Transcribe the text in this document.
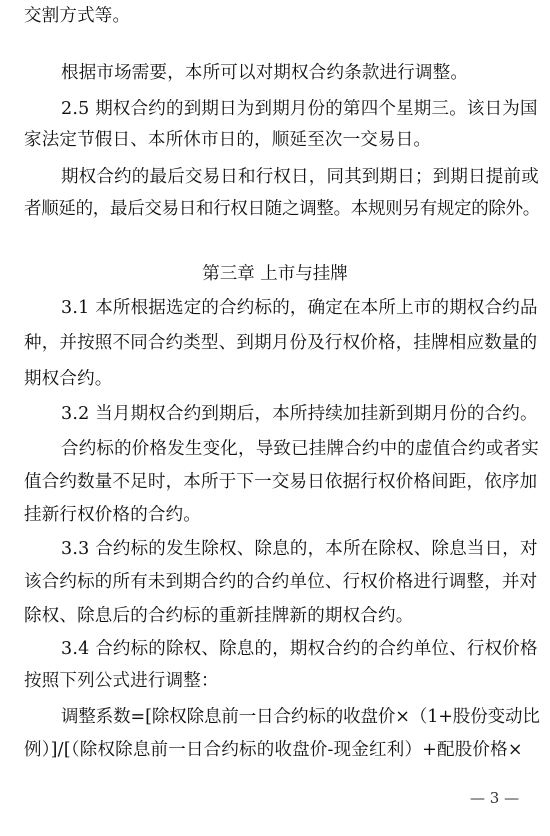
交割方式等。
根据市场需要，本所可以对期权合约条款进行调整。
2.5 期权合约的到期日为到期月份的第四个星期三。该日为国
家法定节假日、本所休市日的，顺延至次一交易日。
期权合约的最后交易日和行权日，同其到期日；到期日提前或
者顺延的，最后交易日和行权日随之调整。本规则另有规定的除外。
第三章 上市与挂牌
3.1 本所根据选定的合约标的，确定在本所上市的期权合约品
种，并按照不同合约类型、到期月份及行权价格，挂牌相应数量的
期权合约。
3.2 当月期权合约到期后，本所持续加挂新到期月份的合约。
合约标的价格发生变化，导致已挂牌合约中的虚值合约或者实
值合约数量不足时，本所于下一交易日依据行权价格间距，依序加
挂新行权价格的合约。
3.3 合约标的发生除权、除息的，本所在除权、除息当日，对
该合约标的所有未到期合约的合约单位、行权价格进行调整，并对
除权、除息后的合约标的重新挂牌新的期权合约。
3.4 合约标的除权、除息的，期权合约的合约单位、行权价格
按照下列公式进行调整：
调整系数=[除权除息前一日合约标的收盘价×（1+股份变动比
例）]/[（除权除息前一日合约标的收盘价-现金红利）+配股价格×
— 3 —
